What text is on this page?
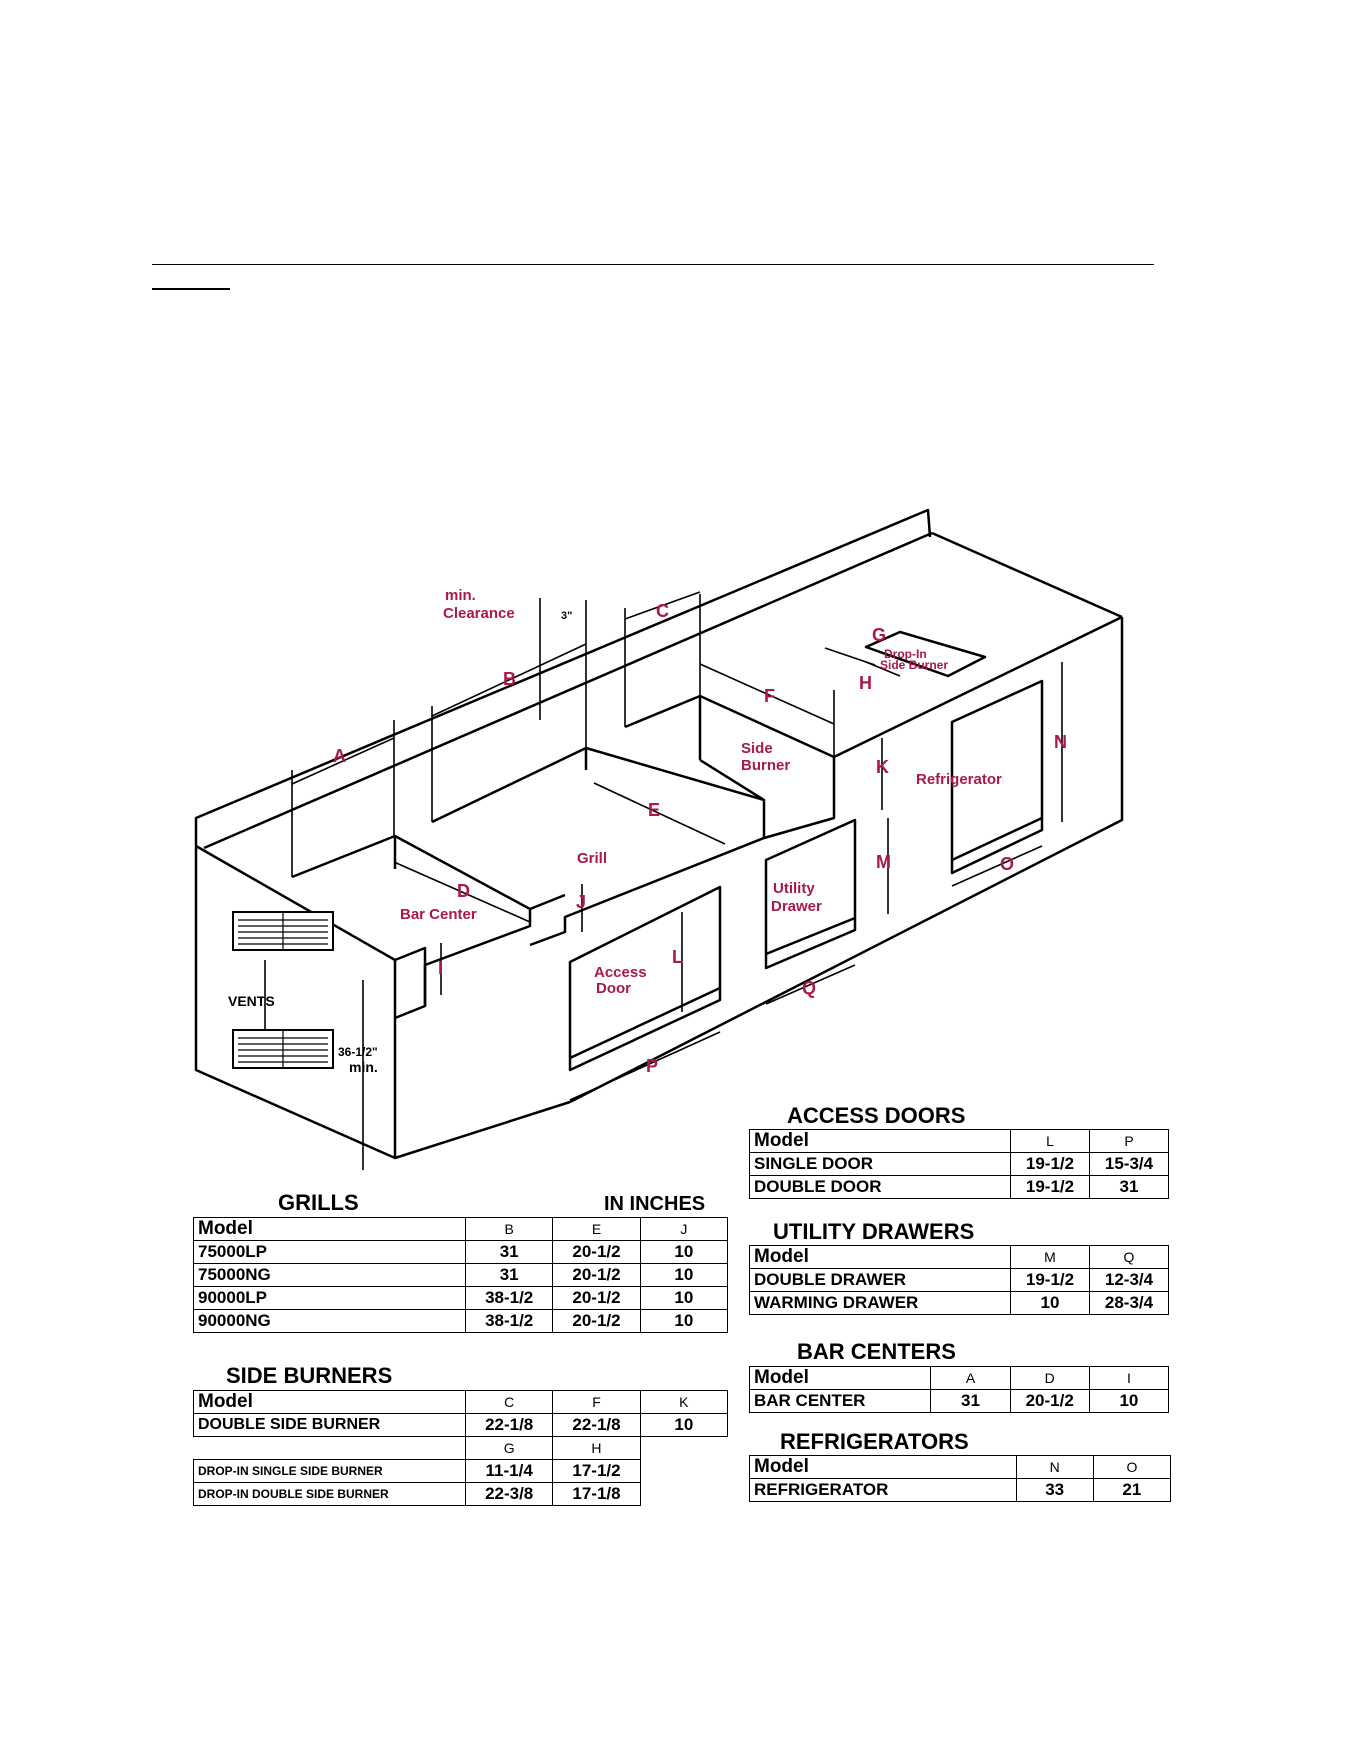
A
B
C
D
E
F
G
H
I
J
K
L
M
N
O
P
Q
min.
Clearance
Drop-In
Side Burner
Side
Burner
Refrigerator
Grill
Bar Center
Utility
Drawer
Access
Door
3"
VENTS
36-1/2"
min.
GRILLS	IN INCHES
Model	B	E	J
75000LP	31	20-1/2	10
75000NG	31	20-1/2	10
90000LP	38-1/2	20-1/2	10
90000NG	38-1/2	20-1/2	10
SIDE BURNERS
Model	C	F	K
DOUBLE SIDE BURNER	22-1/8	22-1/8	10
	G	H	
DROP-IN SINGLE SIDE BURNER	11-1/4	17-1/2	
DROP-IN DOUBLE SIDE BURNER	22-3/8	17-1/8	
ACCESS DOORS
Model	L	P
SINGLE DOOR	19-1/2	15-3/4
DOUBLE DOOR	19-1/2	31
UTILITY DRAWERS
Model	M	Q
DOUBLE DRAWER	19-1/2	12-3/4
WARMING DRAWER	10	28-3/4
BAR CENTERS
Model	A	D	I
BAR CENTER	31	20-1/2	10
REFRIGERATORS
Model	N	O
REFRIGERATOR	33	21
